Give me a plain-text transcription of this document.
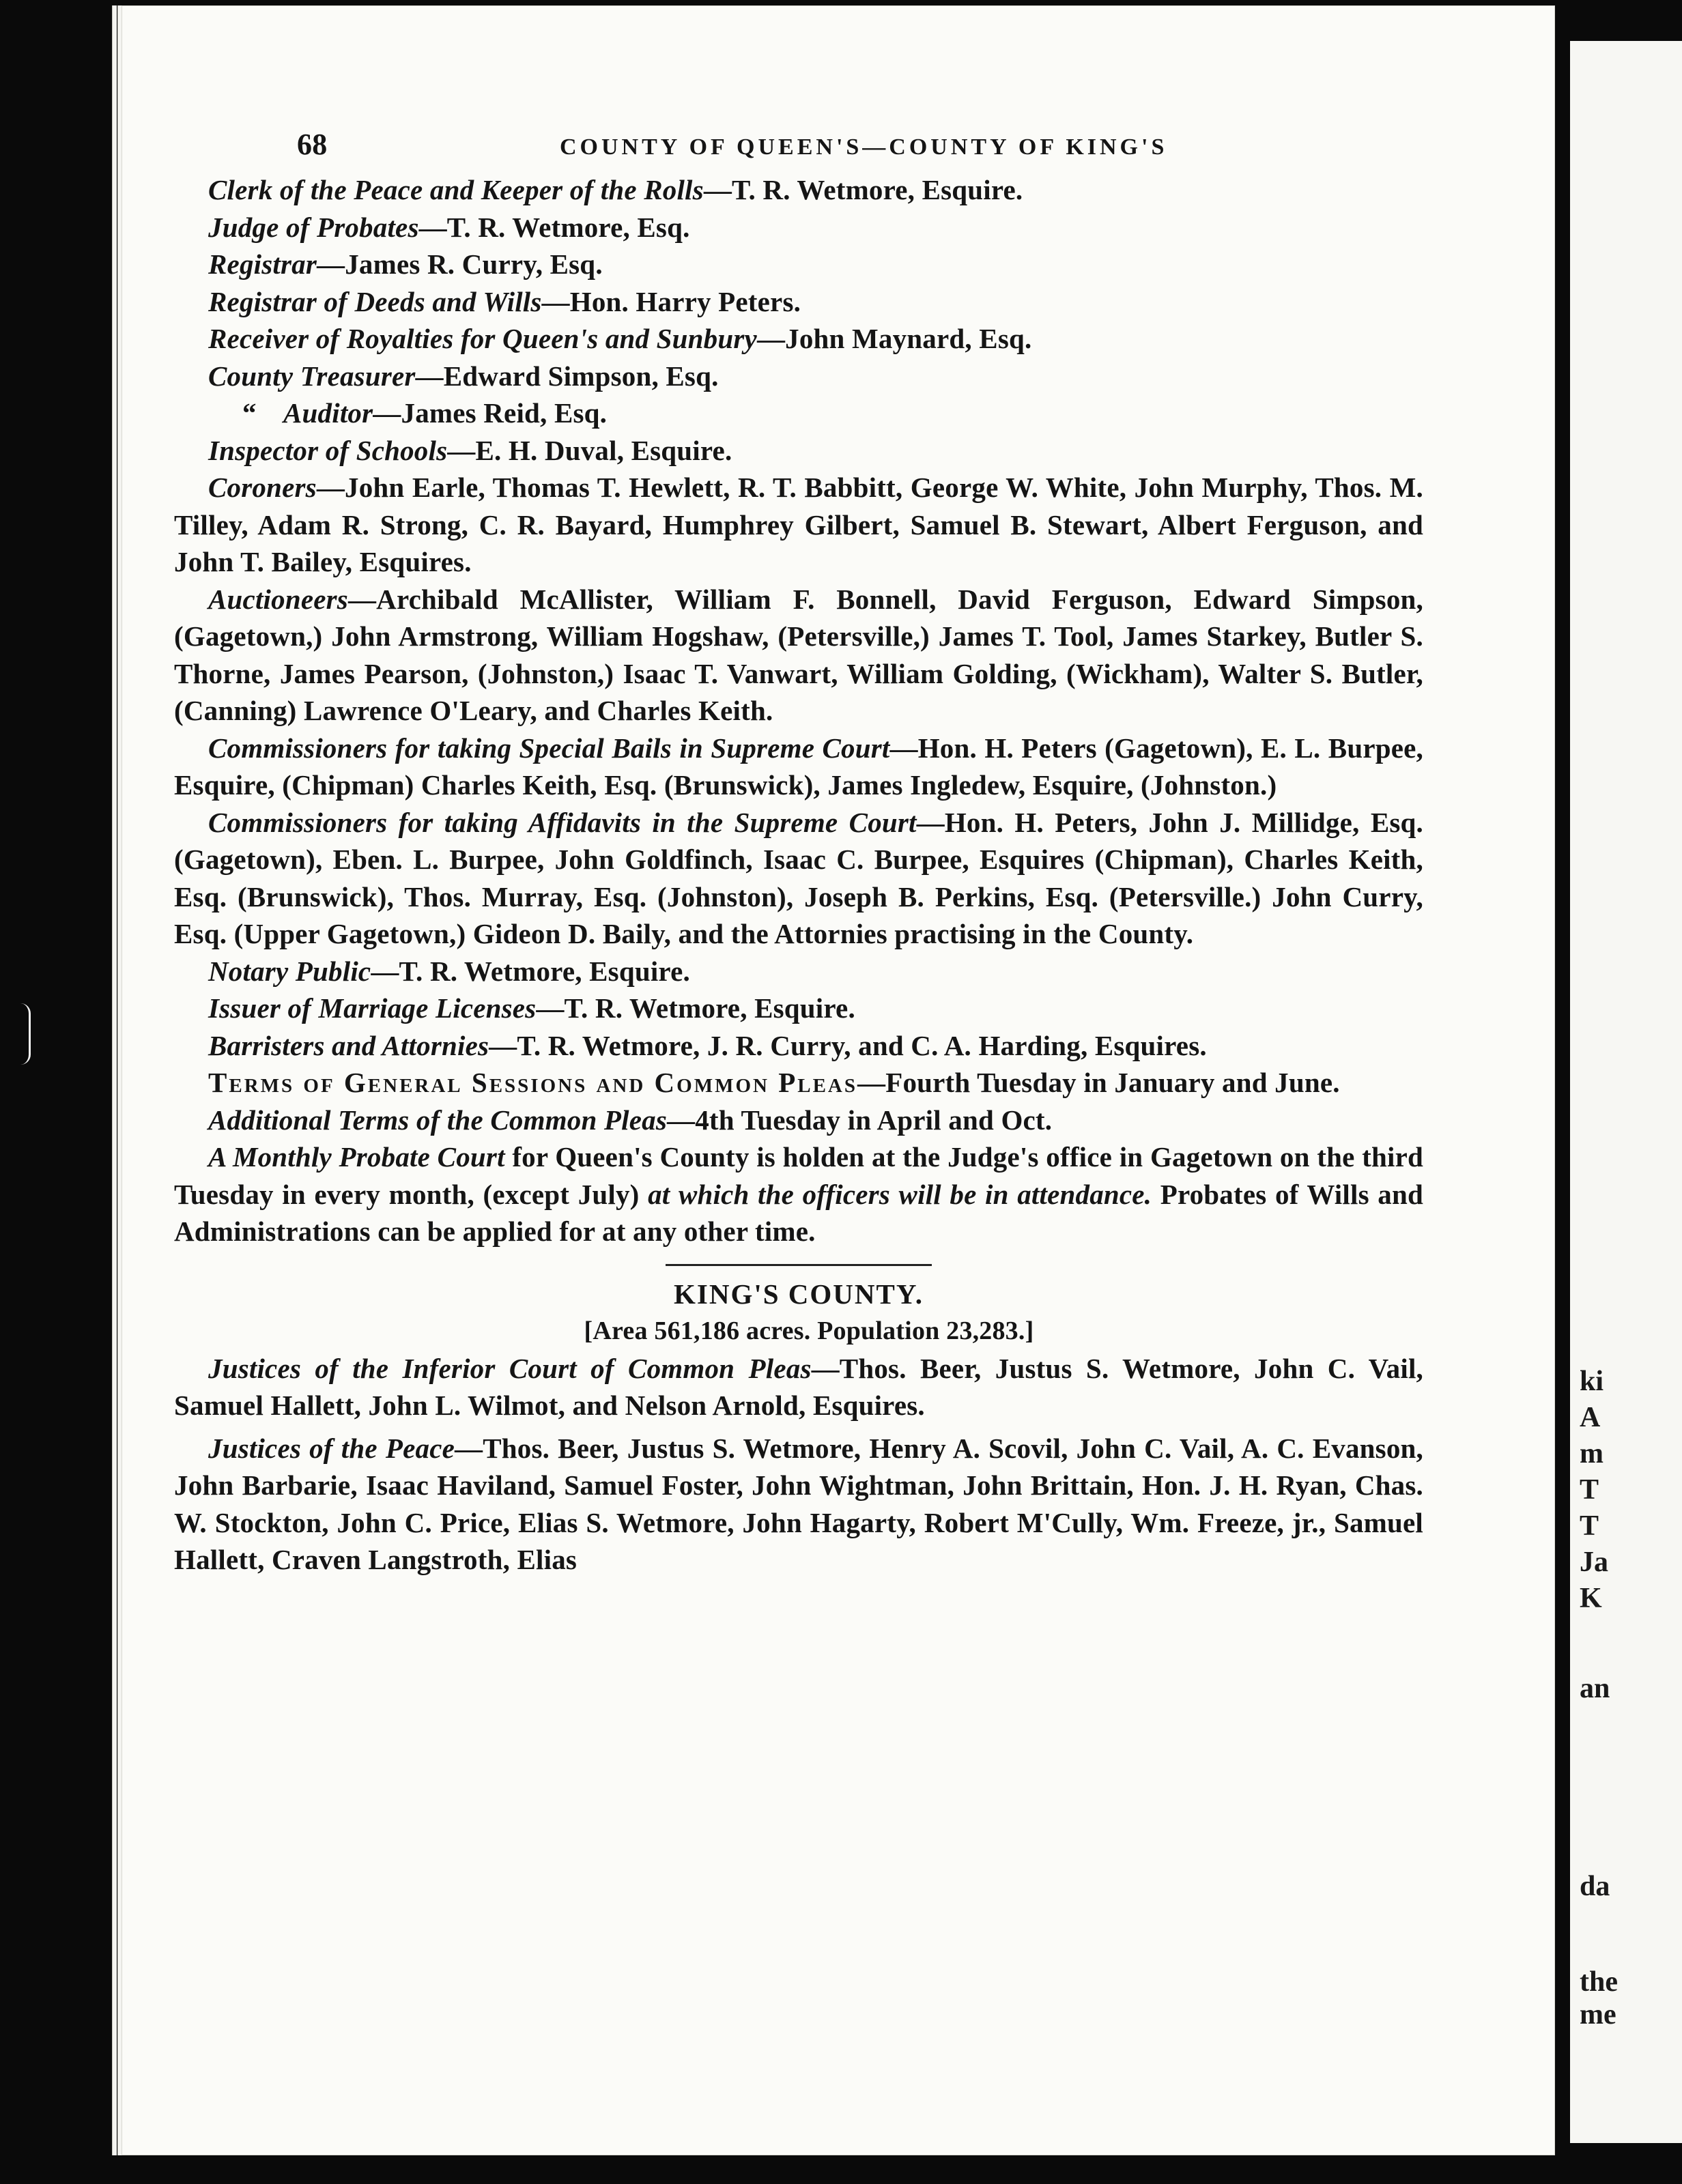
ki
A
m
T
T
Ja
K
an
da
the
me
68	COUNTY OF QUEEN'S—COUNTY OF KING'S

Clerk of the Peace and Keeper of the Rolls—T. R. Wetmore, Esquire.

Judge of Probates—T. R. Wetmore, Esq.

Registrar—James R. Curry, Esq.

Registrar of Deeds and Wills—Hon. Harry Peters.

Receiver of Royalties for Queen's and Sunbury—John Maynard, Esq.

County Treasurer—Edward Simpson, Esq.

“ Auditor—James Reid, Esq.

Inspector of Schools—E. H. Duval, Esquire.

Coroners—John Earle, Thomas T. Hewlett, R. T. Babbitt, George W. White, John Murphy, Thos. M. Tilley, Adam R. Strong, C. R. Bayard, Humphrey Gilbert, Samuel B. Stewart, Albert Ferguson, and John T. Bailey, Esquires.

Auctioneers—Archibald McAllister, William F. Bonnell, David Ferguson, Edward Simpson, (Gagetown,) John Armstrong, William Hogshaw, (Petersville,) James T. Tool, James Starkey, Butler S. Thorne, James Pearson, (Johnston,) Isaac T. Vanwart, William Golding, (Wickham), Walter S. Butler, (Canning) Lawrence O'Leary, and Charles Keith.

Commissioners for taking Special Bails in Supreme Court—Hon. H. Peters (Gagetown), E. L. Burpee, Esquire, (Chipman) Charles Keith, Esq. (Brunswick), James Ingledew, Esquire, (Johnston.)

Commissioners for taking Affidavits in the Supreme Court—Hon. H. Peters, John J. Millidge, Esq. (Gagetown), Eben. L. Burpee, John Goldfinch, Isaac C. Burpee, Esquires (Chipman), Charles Keith, Esq. (Brunswick), Thos. Murray, Esq. (Johnston), Joseph B. Perkins, Esq. (Petersville.) John Curry, Esq. (Upper Gagetown,) Gideon D. Baily, and the Attornies practising in the County.

Notary Public—T. R. Wetmore, Esquire.

Issuer of Marriage Licenses—T. R. Wetmore, Esquire.

Barristers and Attornies—T. R. Wetmore, J. R. Curry, and C. A. Harding, Esquires.

Terms of General Sessions and Common Pleas—Fourth Tuesday in January and June.

Additional Terms of the Common Pleas—4th Tuesday in April and Oct.

A Monthly Probate Court for Queen's County is holden at the Judge's office in Gagetown on the third Tuesday in every month, (except July) at which the officers will be in attendance. Probates of Wills and Administrations can be applied for at any other time.

KING'S COUNTY.

[Area 561,186 acres. Population 23,283.]

Justices of the Inferior Court of Common Pleas—Thos. Beer, Justus S. Wetmore, John C. Vail, Samuel Hallett, John L. Wilmot, and Nelson Arnold, Esquires.

Justices of the Peace—Thos. Beer, Justus S. Wetmore, Henry A. Scovil, John C. Vail, A. C. Evanson, John Barbarie, Isaac Haviland, Samuel Foster, John Wightman, John Brittain, Hon. J. H. Ryan, Chas. W. Stockton, John C. Price, Elias S. Wetmore, John Hagarty, Robert M'Cully, Wm. Freeze, jr., Samuel Hallett, Craven Langstroth, Elias
